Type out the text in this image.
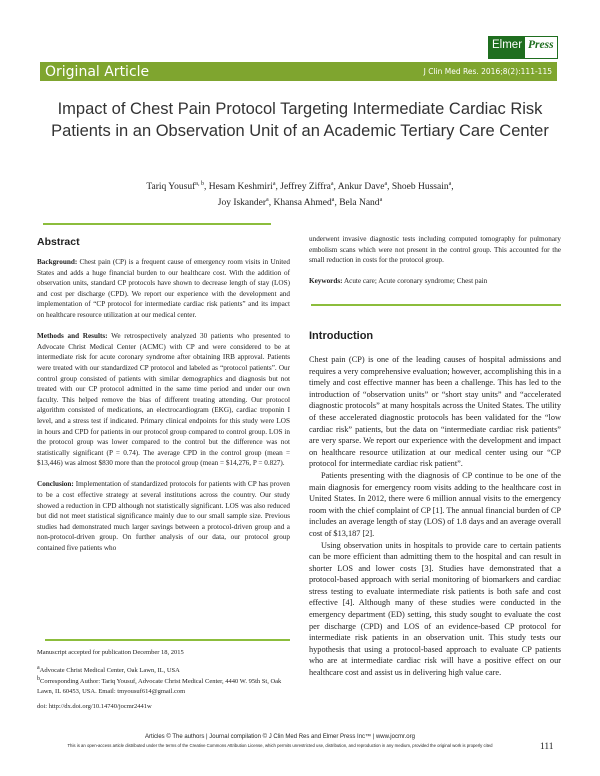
Elmer Press
Original Article	J Clin Med Res. 2016;8(2):111-115
Impact of Chest Pain Protocol Targeting Intermediate Cardiac Risk Patients in an Observation Unit of an Academic Tertiary Care Center
Tariq Yousuf$^{a, b}$, Hesam Keshmiri$^a$, Jeffrey Ziffra$^a$, Ankur Dave$^a$, Shoeb Hussain$^a$,
Joy Iskander$^a$, Khansa Ahmed$^a$, Bela Nand$^a$
Abstract

Background: Chest pain (CP) is a frequent cause of emergency room visits in United States and adds a huge financial burden to our healthcare cost. With the addition of observation units, standard CP protocols have shown to decrease length of stay (LOS) and cost per discharge (CPD). We report our experience with the development and implementation of “CP protocol for intermediate cardiac risk patients” and its impact on healthcare resource utilization at our medical center.

Methods and Results: We retrospectively analyzed 30 patients who presented to Advocate Christ Medical Center (ACMC) with CP and were considered to be at intermediate risk for acute coronary syndrome after obtaining IRB approval. Patients were treated with our standardized CP protocol and labeled as “protocol patients”. Our control group consisted of patients with similar demographics and diagnosis but not treated with our CP protocol admitted in the same time period and under our own faculty. This helped remove the bias of different treating attending. Our protocol algorithm consisted of medications, an electrocardiogram (EKG), cardiac troponin I level, and a stress test if indicated. Primary clinical endpoints for this study were LOS in hours and CPD for patients in our protocol group compared to control group. LOS in the protocol group was lower compared to the control but the difference was not statistically significant (P = 0.74). The average CPD in the control group (mean = $13,446) was almost $830 more than the protocol group (mean = $14,276, P = 0.827).

Conclusion: Implementation of standardized protocols for patients with CP has proven to be a cost effective strategy at several institutions across the country. Our study showed a reduction in CPD although not statistically significant. LOS was also reduced but did not meet statistical significance mainly due to our small sample size. Previous studies had demonstrated much larger savings between a protocol-driven group and a non-protocol-driven group. On further analysis of our data, our protocol group contained five patients who

Manuscript accepted for publication December 18, 2015
$^a$Advocate Christ Medical Center, Oak Lawn, IL, USA
$^b$Corresponding Author: Tariq Yousuf, Advocate Christ Medical Center, 4440 W. 95th St, Oak Lawn, IL 60453, USA. Email: tmyousuf614@gmail.com
doi: http://dx.doi.org/10.14740/jocmr2441w

underwent invasive diagnostic tests including computed tomography for pulmonary embolism scans which were not present in the control group. This accounted for the small reduction in costs for the protocol group.

Keywords: Acute care; Acute coronary syndrome; Chest pain

Introduction

Chest pain (CP) is one of the leading causes of hospital admissions and requires a very comprehensive evaluation; however, accomplishing this in a timely and cost effective manner has been a challenge. This has led to the introduction of “observation units” or “short stay units” and “accelerated diagnostic protocols” at many hospitals across the United States. The utility of these accelerated diagnostic protocols has been validated for the “low cardiac risk” patients, but the data on “intermediate cardiac risk patients” are very sparse. We report our experience with the development and impact on healthcare resource utilization at our medical center using our “CP protocol for intermediate cardiac risk patient”.

Patients presenting with the diagnosis of CP continue to be one of the main diagnosis for emergency room visits adding to the healthcare cost in United States. In 2012, there were 6 million annual visits to the emergency room with the chief complaint of CP [1]. The annual financial burden of CP includes an average length of stay (LOS) of 1.8 days and an average overall cost of $13,187 [2].

Using observation units in hospitals to provide care to certain patients can be more efficient than admitting them to the hospital and can result in shorter LOS and lower costs [3]. Studies have demonstrated that a protocol-based approach with serial monitoring of biomarkers and cardiac stress testing to evaluate intermediate risk patients is both safe and cost effective [4]. Although many of these studies were conducted in the emergency department (ED) setting, this study sought to evaluate the cost per discharge (CPD) and LOS of an evidence-based CP protocol for intermediate risk patients in an observation unit. This study tests our hypothesis that using a protocol-based approach to evaluate CP patients who are at intermediate cardiac risk will have a positive effect on our healthcare cost and assist us in delivering high value care.

Articles © The authors | Journal compilation © J Clin Med Res and Elmer Press Inc™ | www.jocmr.org
This is an open-access article distributed under the terms of the Creative Commons Attribution License, which permits unrestricted use, distribution, and reproduction in any medium, provided the original work is properly cited	111
